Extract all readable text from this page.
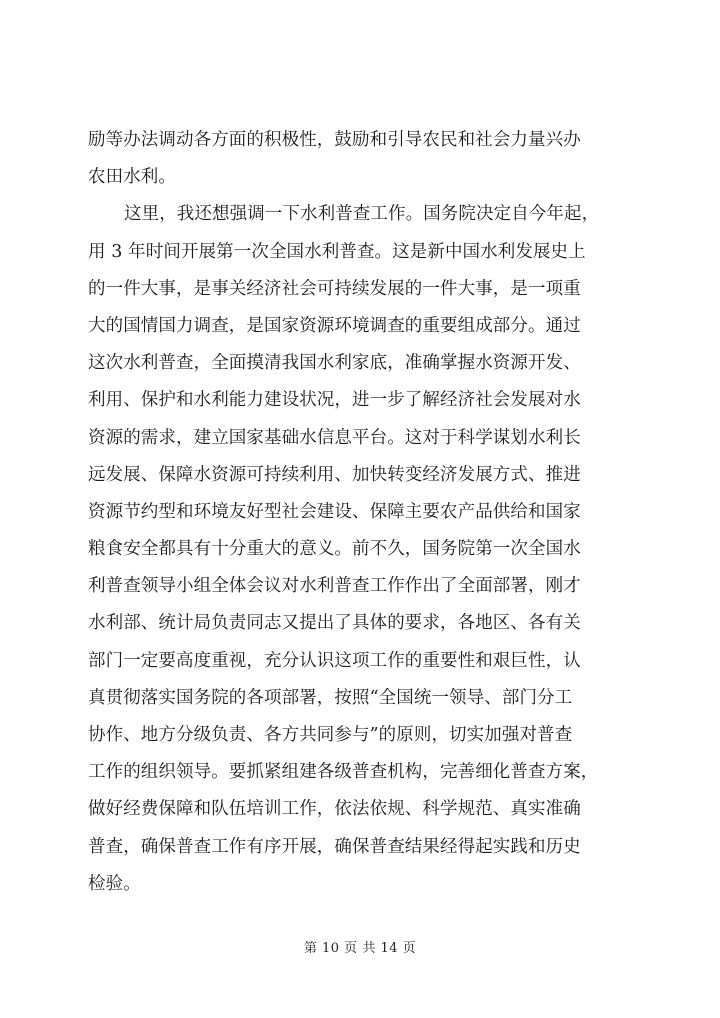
励等办法调动各方面的积极性，鼓励和引导农民和社会力量兴办
农田水利。
这里，我还想强调一下水利普查工作。国务院决定自今年起，
用 3 年时间开展第一次全国水利普查。这是新中国水利发展史上
的一件大事，是事关经济社会可持续发展的一件大事，是一项重
大的国情国力调查，是国家资源环境调查的重要组成部分。通过
这次水利普查，全面摸清我国水利家底，准确掌握水资源开发、
利用、保护和水利能力建设状况，进一步了解经济社会发展对水
资源的需求，建立国家基础水信息平台。这对于科学谋划水利长
远发展、保障水资源可持续利用、加快转变经济发展方式、推进
资源节约型和环境友好型社会建设、保障主要农产品供给和国家
粮食安全都具有十分重大的意义。前不久，国务院第一次全国水
利普查领导小组全体会议对水利普查工作作出了全面部署，刚才
水利部、统计局负责同志又提出了具体的要求，各地区、各有关
部门一定要高度重视，充分认识这项工作的重要性和艰巨性，认
真贯彻落实国务院的各项部署，按照“全国统一领导、部门分工
协作、地方分级负责、各方共同参与”的原则，切实加强对普查
工作的组织领导。要抓紧组建各级普查机构，完善细化普查方案，
做好经费保障和队伍培训工作，依法依规、科学规范、真实准确
普查，确保普查工作有序开展，确保普查结果经得起实践和历史
检验。
第 10 页 共 14 页
